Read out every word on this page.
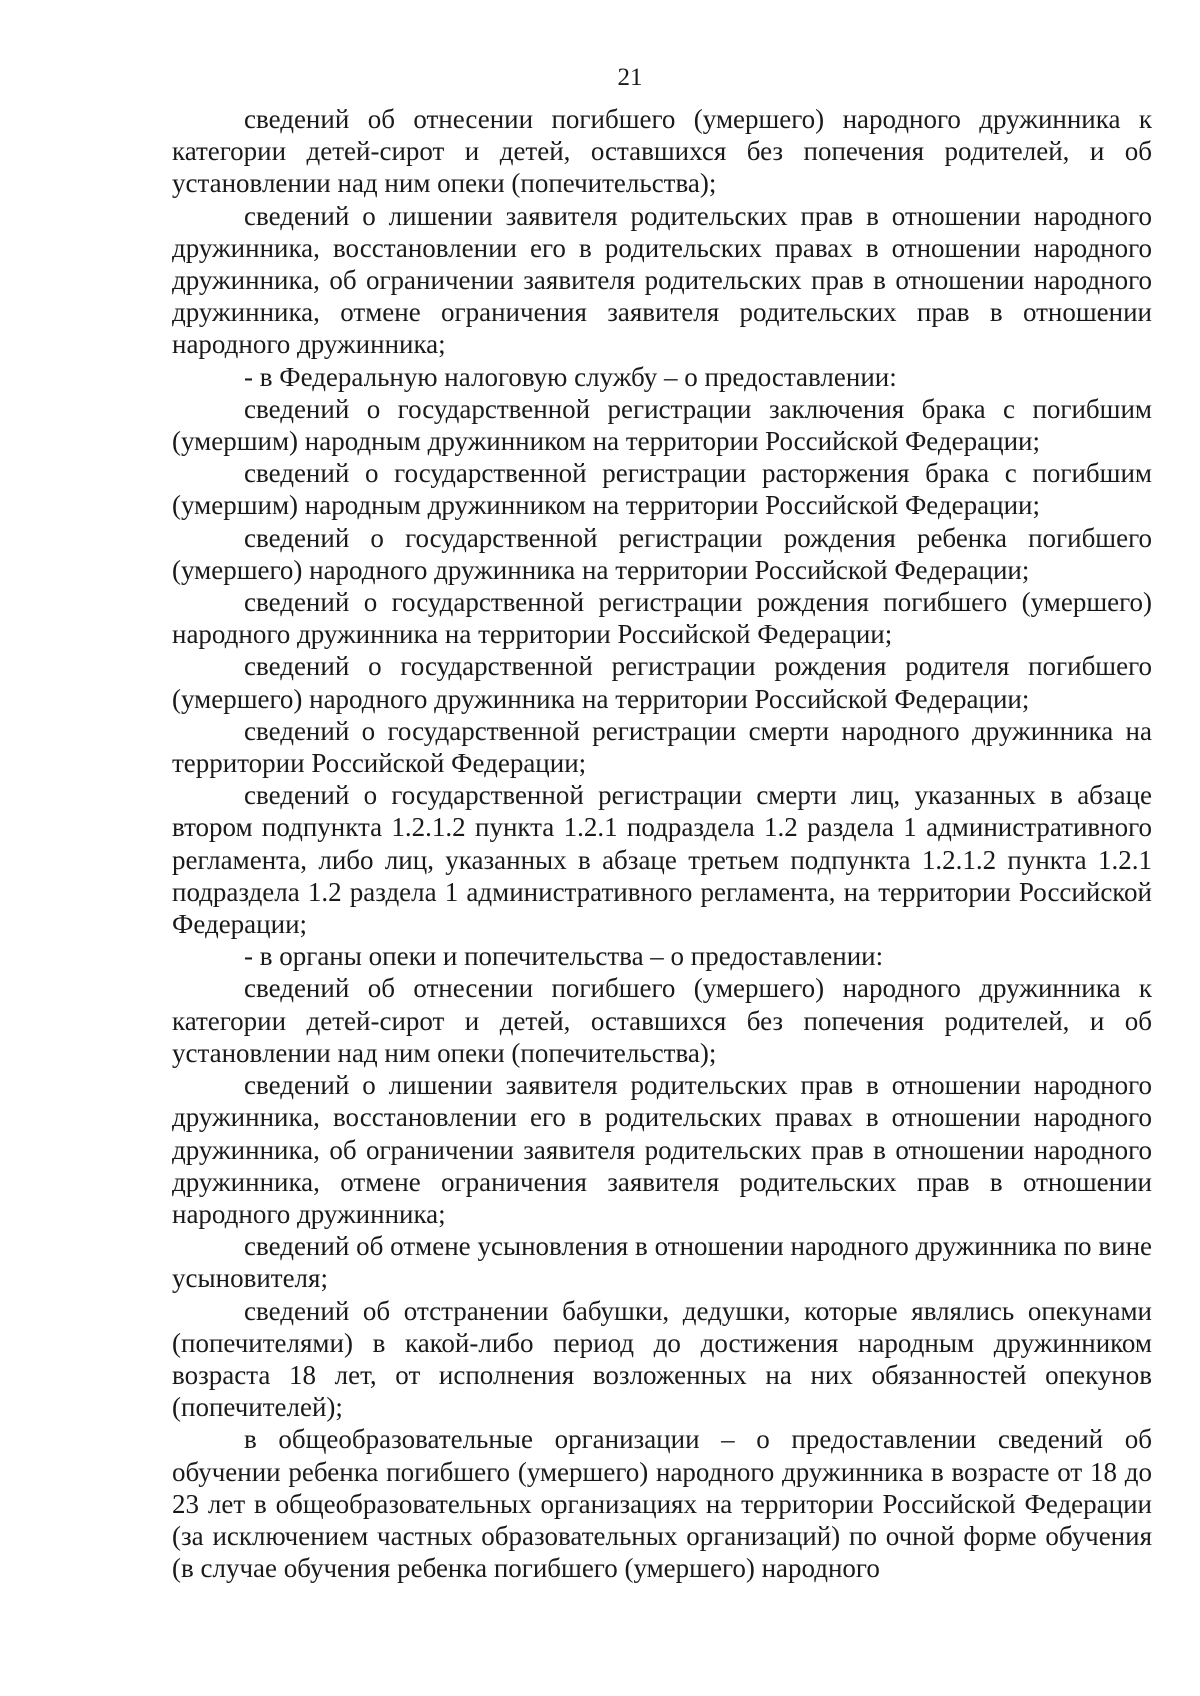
21

сведений об отнесении погибшего (умершего) народного дружинника к категории детей-сирот и детей, оставшихся без попечения родителей, и об установлении над ним опеки (попечительства);

сведений о лишении заявителя родительских прав в отношении народного дружинника, восстановлении его в родительских правах в отношении народного дружинника, об ограничении заявителя родительских прав в отношении народного дружинника, отмене ограничения заявителя родительских прав в отношении народного дружинника;

- в Федеральную налоговую службу – о предоставлении:

сведений о государственной регистрации заключения брака с погибшим (умершим) народным дружинником на территории Российской Федерации;

сведений о государственной регистрации расторжения брака с погибшим (умершим) народным дружинником на территории Российской Федерации;

сведений о государственной регистрации рождения ребенка погибшего (умершего) народного дружинника на территории Российской Федерации;

сведений о государственной регистрации рождения погибшего (умершего) народного дружинника на территории Российской Федерации;

сведений о государственной регистрации рождения родителя погибшего (умершего) народного дружинника на территории Российской Федерации;

сведений о государственной регистрации смерти народного дружинника на территории Российской Федерации;

сведений о государственной регистрации смерти лиц, указанных в абзаце втором подпункта 1.2.1.2 пункта 1.2.1 подраздела 1.2 раздела 1 административного регламента, либо лиц, указанных в абзаце третьем подпункта 1.2.1.2 пункта 1.2.1 подраздела 1.2 раздела 1 административного регламента, на территории Российской Федерации;

- в органы опеки и попечительства – о предоставлении:

сведений об отнесении погибшего (умершего) народного дружинника к категории детей-сирот и детей, оставшихся без попечения родителей, и об установлении над ним опеки (попечительства);

сведений о лишении заявителя родительских прав в отношении народного дружинника, восстановлении его в родительских правах в отношении народного дружинника, об ограничении заявителя родительских прав в отношении народного дружинника, отмене ограничения заявителя родительских прав в отношении народного дружинника;

сведений об отмене усыновления в отношении народного дружинника по вине усыновителя;

сведений об отстранении бабушки, дедушки, которые являлись опекунами (попечителями) в какой-либо период до достижения народным дружинником возраста 18 лет, от исполнения возложенных на них обязанностей опекунов (попечителей);

в общеобразовательные организации – о предоставлении сведений об обучении ребенка погибшего (умершего) народного дружинника в возрасте от 18 до 23 лет в общеобразовательных организациях на территории Российской Федерации (за исключением частных образовательных организаций) по очной форме обучения (в случае обучения ребенка погибшего (умершего) народного
